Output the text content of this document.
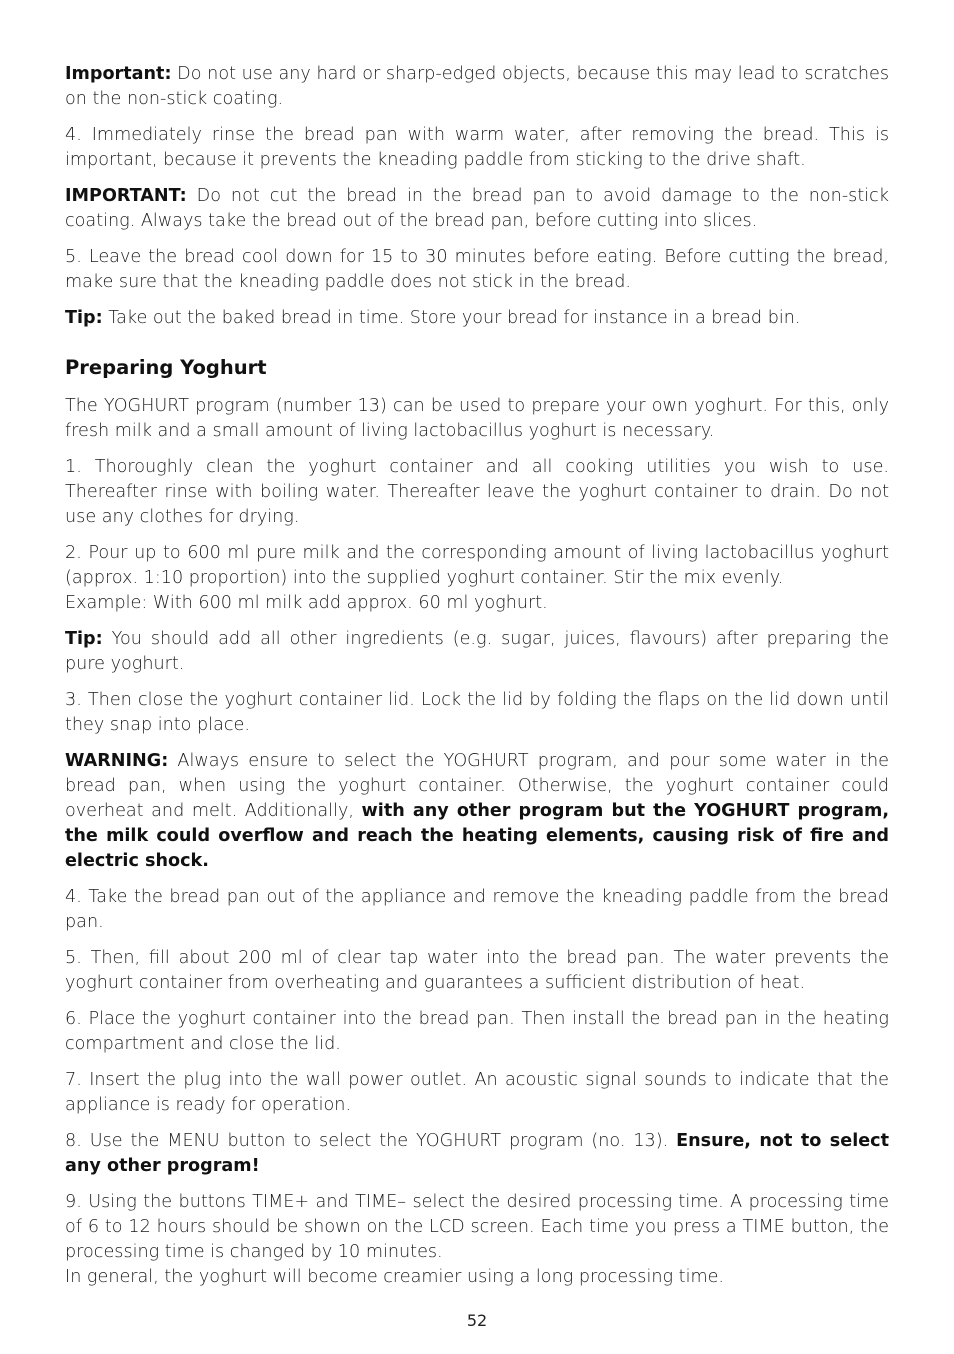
Important: Do not use any hard or sharp-edged objects, because this may lead to scratches on the non-stick coating.
4. Immediately rinse the bread pan with warm water, after removing the bread. This is important, because it prevents the kneading paddle from sticking to the drive shaft.
IMPORTANT: Do not cut the bread in the bread pan to avoid damage to the non-stick coating. Always take the bread out of the bread pan, before cutting into slices.
5. Leave the bread cool down for 15 to 30 minutes before eating. Before cutting the bread, make sure that the kneading paddle does not stick in the bread.
Tip: Take out the baked bread in time. Store your bread for instance in a bread bin.
Preparing Yoghurt
The YOGHURT program (number 13) can be used to prepare your own yoghurt. For this, only fresh milk and a small amount of living lactobacillus yoghurt is necessary.
1. Thoroughly clean the yoghurt container and all cooking utilities you wish to use. Thereafter rinse with boiling water. Thereafter leave the yoghurt container to drain. Do not use any clothes for drying.
2. Pour up to 600 ml pure milk and the corresponding amount of living lactobacillus yoghurt (approx. 1:10 proportion) into the supplied yoghurt container. Stir the mix evenly.
Example: With 600 ml milk add approx. 60 ml yoghurt.
Tip: You should add all other ingredients (e.g. sugar, juices, flavours) after preparing the pure yoghurt.
3. Then close the yoghurt container lid. Lock the lid by folding the flaps on the lid down until they snap into place.
WARNING: Always ensure to select the YOGHURT program, and pour some water in the bread pan, when using the yoghurt container. Otherwise, the yoghurt container could overheat and melt. Additionally, with any other program but the YOGHURT program, the milk could overflow and reach the heating elements, causing risk of fire and electric shock.
4. Take the bread pan out of the appliance and remove the kneading paddle from the bread pan.
5. Then, fill about 200 ml of clear tap water into the bread pan. The water prevents the yoghurt container from overheating and guarantees a sufficient distribution of heat.
6. Place the yoghurt container into the bread pan. Then install the bread pan in the heating compartment and close the lid.
7. Insert the plug into the wall power outlet. An acoustic signal sounds to indicate that the appliance is ready for operation.
8. Use the MENU button to select the YOGHURT program (no. 13). Ensure, not to select any other program!
9. Using the buttons TIME+ and TIME– select the desired processing time. A processing time of 6 to 12 hours should be shown on the LCD screen. Each time you press a TIME button, the processing time is changed by 10 minutes.
In general, the yoghurt will become creamier using a long processing time.
52
